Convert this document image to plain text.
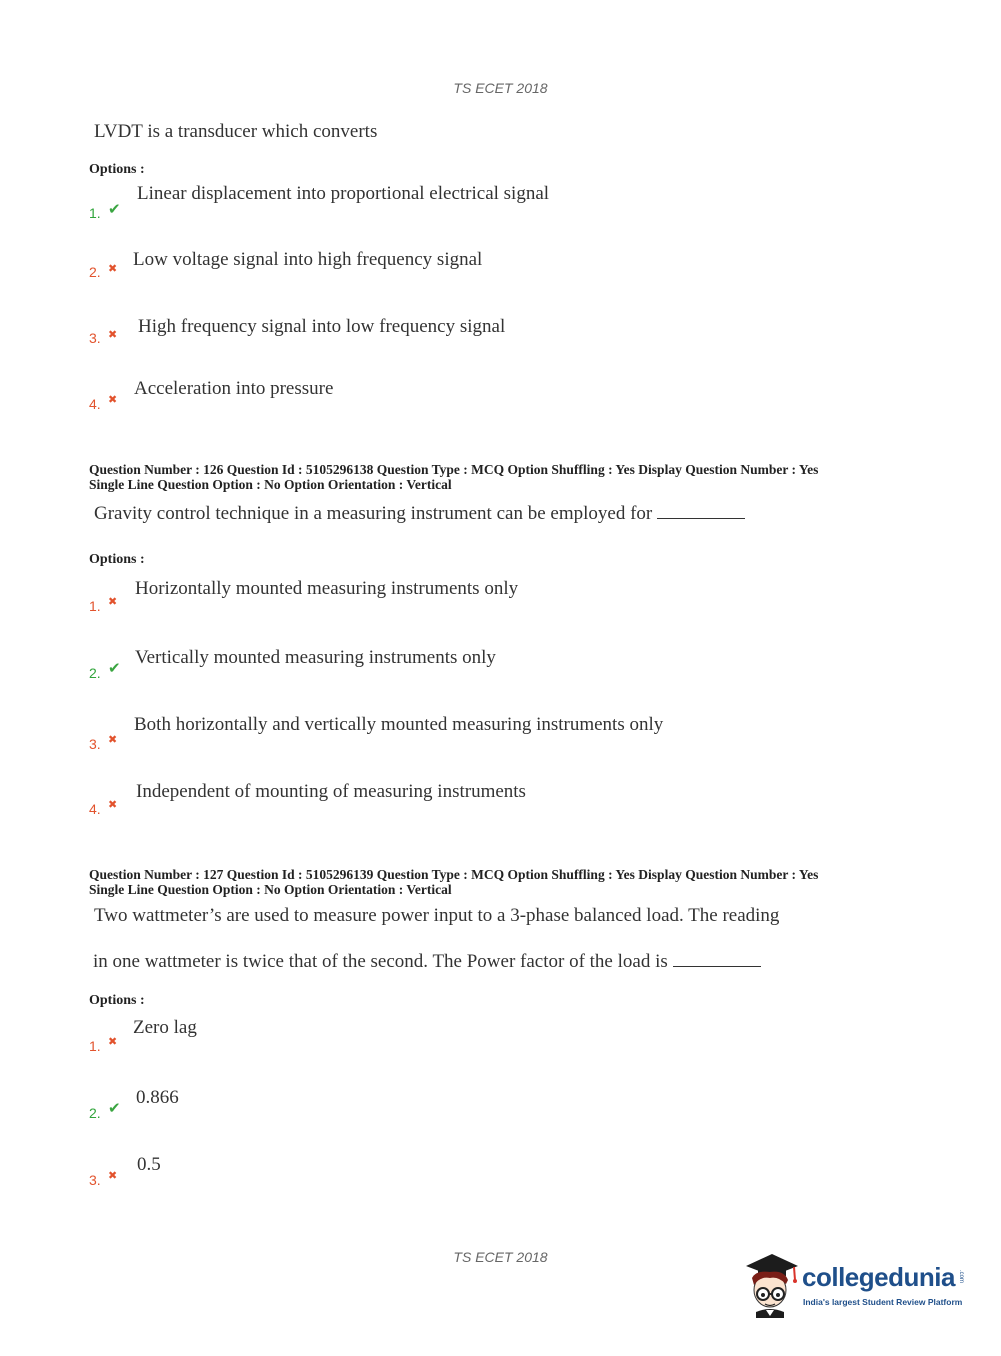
TS ECET 2018
LVDT is a transducer which converts
Options :
1. ✔
Linear displacement into proportional electrical signal
2. ✖ Low voltage signal into high frequency signal
3. ✖ High frequency signal into low frequency signal
4. ✖
Acceleration into pressure
Question Number : 126 Question Id : 5105296138 Question Type : MCQ Option Shuffling : Yes Display Question Number : Yes
Single Line Question Option : No Option Orientation : Vertical
Gravity control technique in a measuring instrument can be employed for
Options :
1. ✖
Horizontally mounted measuring instruments only
2. ✔ Vertically mounted measuring instruments only
3. ✖
Both horizontally and vertically mounted measuring instruments only
4. ✖
Independent of mounting of measuring instruments
Question Number : 127 Question Id : 5105296139 Question Type : MCQ Option Shuffling : Yes Display Question Number : Yes
Single Line Question Option : No Option Orientation : Vertical
Two wattmeter’s are used to measure power input to a 3-phase balanced load. The reading
in one wattmeter is twice that of the second. The Power factor of the load is
Options :
1. ✖
Zero lag
2. ✔ 0.866
3. ✖
0.5
TS ECET 2018
collegedunia .com
India's largest Student Review Platform
